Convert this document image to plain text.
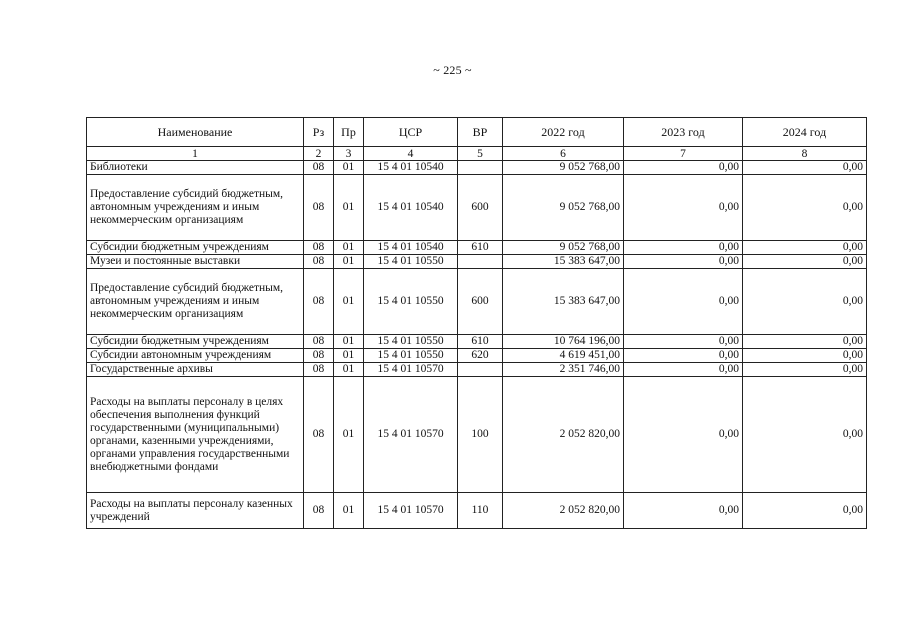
~ 225 ~
Наименование	Рз	Пр	ЦСР	ВР	2022 год	2023 год	2024 год
1	2	3	4	5	6	7	8
Библиотеки	08	01	15 4 01 10540		9 052 768,00	0,00	0,00
Предоставление субсидий бюджетным, автономным учреждениям и иным некоммерческим организациям	08	01	15 4 01 10540	600	9 052 768,00	0,00	0,00
Субсидии бюджетным учреждениям	08	01	15 4 01 10540	610	9 052 768,00	0,00	0,00
Музеи и постоянные выставки	08	01	15 4 01 10550		15 383 647,00	0,00	0,00
Предоставление субсидий бюджетным, автономным учреждениям и иным некоммерческим организациям	08	01	15 4 01 10550	600	15 383 647,00	0,00	0,00
Субсидии бюджетным учреждениям	08	01	15 4 01 10550	610	10 764 196,00	0,00	0,00
Субсидии автономным учреждениям	08	01	15 4 01 10550	620	4 619 451,00	0,00	0,00
Государственные архивы	08	01	15 4 01 10570		2 351 746,00	0,00	0,00
Расходы на выплаты персоналу в целях обеспечения выполнения функций государственными (муниципальными) органами, казенными учреждениями, органами управления государственными внебюджетными фондами	08	01	15 4 01 10570	100	2 052 820,00	0,00	0,00
Расходы на выплаты персоналу казенных учреждений	08	01	15 4 01 10570	110	2 052 820,00	0,00	0,00
